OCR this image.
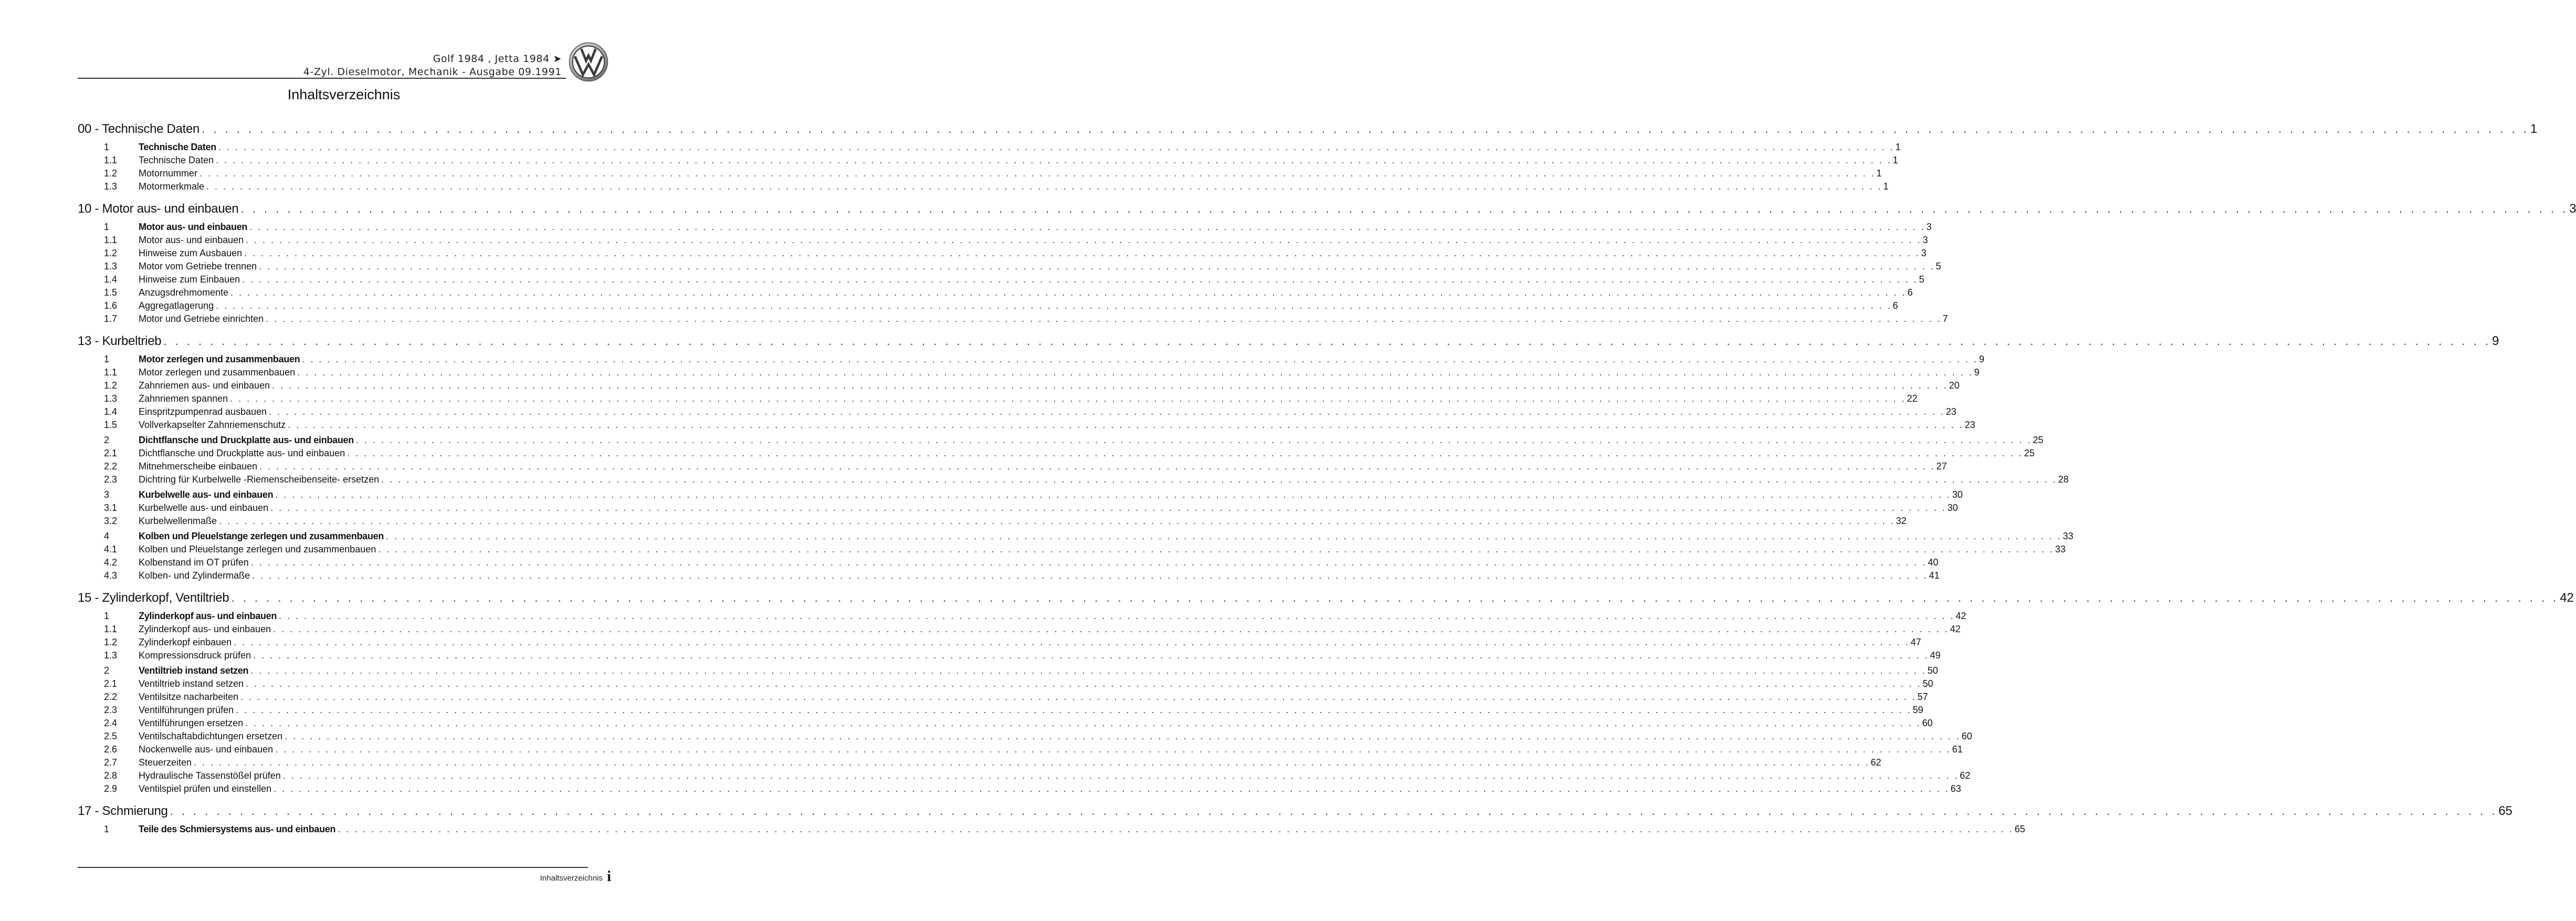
Golf 1984 , Jetta 1984 ➤
4-Zyl. Dieselmotor, Mechanik - Ausgabe 09.1991
Inhaltsverzeichnis
00 - Technische Daten . . . . . . . . . . . . . . . . . . . . . . . . . . . . . . . . . . . . . . . . . . . . . . . . . . . . . . . . . . . . . . . . . . . . . . . . . . . . . . . . . . . . . . . . . . . . . . . . . . . . . . . . . . . . . . . . . . . . . . . . . . . . . . . . . . . . . . . . . . . . . . . . . . . . . . . . . . . . . . . . . . . . . . . . . . . . . . . . . . . . . . . . . . . . . . . . . . . . . . . . 1
1	Technische Daten . . . . . . . . . . . . . . . . . . . . . . . . . . . . . . . . . . . . . . . . . . . . . . . . . . . . . . . . . . . . . . . . . . . . . . . . . . . . . . . . . . . . . . . . . . . . . . . . . . . . . . . . . . . . . . . . . . . . . . . . . . . . . . . . . . . . . . . . . . . . . . . . . . . . . . . . . . . . . . . . . . . . . . . . . . . . . . . . . . . . . . . . . . . . . . . . . . . . . . . . 1
1.1	Technische Daten . . . . . . . . . . . . . . . . . . . . . . . . . . . . . . . . . . . . . . . . . . . . . . . . . . . . . . . . . . . . . . . . . . . . . . . . . . . . . . . . . . . . . . . . . . . . . . . . . . . . . . . . . . . . . . . . . . . . . . . . . . . . . . . . . . . . . . . . . . . . . . . . . . . . . . . . . . . . . . . . . . . . . . . . . . . . . . . . . . . . . . . . . . . . . . . . . . . . . . . . 1
1.2	Motornummer . . . . . . . . . . . . . . . . . . . . . . . . . . . . . . . . . . . . . . . . . . . . . . . . . . . . . . . . . . . . . . . . . . . . . . . . . . . . . . . . . . . . . . . . . . . . . . . . . . . . . . . . . . . . . . . . . . . . . . . . . . . . . . . . . . . . . . . . . . . . . . . . . . . . . . . . . . . . . . . . . . . . . . . . . . . . . . . . . . . . . . . . . . . . . . . . . . . . . . . . 1
1.3	Motormerkmale . . . . . . . . . . . . . . . . . . . . . . . . . . . . . . . . . . . . . . . . . . . . . . . . . . . . . . . . . . . . . . . . . . . . . . . . . . . . . . . . . . . . . . . . . . . . . . . . . . . . . . . . . . . . . . . . . . . . . . . . . . . . . . . . . . . . . . . . . . . . . . . . . . . . . . . . . . . . . . . . . . . . . . . . . . . . . . . . . . . . . . . . . . . . . . . . . . . . . . . . 1
10 - Motor aus- und einbauen . . . . . . . . . . . . . . . . . . . . . . . . . . . . . . . . . . . . . . . . . . . . . . . . . . . . . . . . . . . . . . . . . . . . . . . . . . . . . . . . . . . . . . . . . . . . . . . . . . . . . . . . . . . . . . . . . . . . . . . . . . . . . . . . . . . . . . . . . . . . . . . . . . . . . . . . . . . . . . . . . . . . . . . . . . . . . . . . . . . . . . . . . . . . . . . . . . . . . . . . 3
1	Motor aus- und einbauen . . . . . . . . . . . . . . . . . . . . . . . . . . . . . . . . . . . . . . . . . . . . . . . . . . . . . . . . . . . . . . . . . . . . . . . . . . . . . . . . . . . . . . . . . . . . . . . . . . . . . . . . . . . . . . . . . . . . . . . . . . . . . . . . . . . . . . . . . . . . . . . . . . . . . . . . . . . . . . . . . . . . . . . . . . . . . . . . . . . . . . . . . . . . . . . . . . . . . . . . 3
1.1	Motor aus- und einbauen . . . . . . . . . . . . . . . . . . . . . . . . . . . . . . . . . . . . . . . . . . . . . . . . . . . . . . . . . . . . . . . . . . . . . . . . . . . . . . . . . . . . . . . . . . . . . . . . . . . . . . . . . . . . . . . . . . . . . . . . . . . . . . . . . . . . . . . . . . . . . . . . . . . . . . . . . . . . . . . . . . . . . . . . . . . . . . . . . . . . . . . . . . . . . . . . . . . . . . . . 3
1.2	Hinweise zum Ausbauen . . . . . . . . . . . . . . . . . . . . . . . . . . . . . . . . . . . . . . . . . . . . . . . . . . . . . . . . . . . . . . . . . . . . . . . . . . . . . . . . . . . . . . . . . . . . . . . . . . . . . . . . . . . . . . . . . . . . . . . . . . . . . . . . . . . . . . . . . . . . . . . . . . . . . . . . . . . . . . . . . . . . . . . . . . . . . . . . . . . . . . . . . . . . . . . . . . . . . . . . 3
1.3	Motor vom Getriebe trennen . . . . . . . . . . . . . . . . . . . . . . . . . . . . . . . . . . . . . . . . . . . . . . . . . . . . . . . . . . . . . . . . . . . . . . . . . . . . . . . . . . . . . . . . . . . . . . . . . . . . . . . . . . . . . . . . . . . . . . . . . . . . . . . . . . . . . . . . . . . . . . . . . . . . . . . . . . . . . . . . . . . . . . . . . . . . . . . . . . . . . . . . . . . . . . . . . . . . . . . . 5
1.4	Hinweise zum Einbauen . . . . . . . . . . . . . . . . . . . . . . . . . . . . . . . . . . . . . . . . . . . . . . . . . . . . . . . . . . . . . . . . . . . . . . . . . . . . . . . . . . . . . . . . . . . . . . . . . . . . . . . . . . . . . . . . . . . . . . . . . . . . . . . . . . . . . . . . . . . . . . . . . . . . . . . . . . . . . . . . . . . . . . . . . . . . . . . . . . . . . . . . . . . . . . . . . . . . . . . . 5
1.5	Anzugsdrehmomente . . . . . . . . . . . . . . . . . . . . . . . . . . . . . . . . . . . . . . . . . . . . . . . . . . . . . . . . . . . . . . . . . . . . . . . . . . . . . . . . . . . . . . . . . . . . . . . . . . . . . . . . . . . . . . . . . . . . . . . . . . . . . . . . . . . . . . . . . . . . . . . . . . . . . . . . . . . . . . . . . . . . . . . . . . . . . . . . . . . . . . . . . . . . . . . . . . . . . . . . 6
1.6	Aggregatlagerung . . . . . . . . . . . . . . . . . . . . . . . . . . . . . . . . . . . . . . . . . . . . . . . . . . . . . . . . . . . . . . . . . . . . . . . . . . . . . . . . . . . . . . . . . . . . . . . . . . . . . . . . . . . . . . . . . . . . . . . . . . . . . . . . . . . . . . . . . . . . . . . . . . . . . . . . . . . . . . . . . . . . . . . . . . . . . . . . . . . . . . . . . . . . . . . . . . . . . . . . 6
1.7	Motor und Getriebe einrichten . . . . . . . . . . . . . . . . . . . . . . . . . . . . . . . . . . . . . . . . . . . . . . . . . . . . . . . . . . . . . . . . . . . . . . . . . . . . . . . . . . . . . . . . . . . . . . . . . . . . . . . . . . . . . . . . . . . . . . . . . . . . . . . . . . . . . . . . . . . . . . . . . . . . . . . . . . . . . . . . . . . . . . . . . . . . . . . . . . . . . . . . . . . . . . . . . . . . . . . . 7
13 - Kurbeltrieb . . . . . . . . . . . . . . . . . . . . . . . . . . . . . . . . . . . . . . . . . . . . . . . . . . . . . . . . . . . . . . . . . . . . . . . . . . . . . . . . . . . . . . . . . . . . . . . . . . . . . . . . . . . . . . . . . . . . . . . . . . . . . . . . . . . . . . . . . . . . . . . . . . . . . . . . . . . . . . . . . . . . . . . . . . . . . . . . . . . . . . . . . . . . . . . . . . . . . . . . 9
1	Motor zerlegen und zusammenbauen . . . . . . . . . . . . . . . . . . . . . . . . . . . . . . . . . . . . . . . . . . . . . . . . . . . . . . . . . . . . . . . . . . . . . . . . . . . . . . . . . . . . . . . . . . . . . . . . . . . . . . . . . . . . . . . . . . . . . . . . . . . . . . . . . . . . . . . . . . . . . . . . . . . . . . . . . . . . . . . . . . . . . . . . . . . . . . . . . . . . . . . . . . . . . . . . . . . . . . . . 9
1.1	Motor zerlegen und zusammenbauen . . . . . . . . . . . . . . . . . . . . . . . . . . . . . . . . . . . . . . . . . . . . . . . . . . . . . . . . . . . . . . . . . . . . . . . . . . . . . . . . . . . . . . . . . . . . . . . . . . . . . . . . . . . . . . . . . . . . . . . . . . . . . . . . . . . . . . . . . . . . . . . . . . . . . . . . . . . . . . . . . . . . . . . . . . . . . . . . . . . . . . . . . . . . . . . . . . . . . . . . 9
1.2	Zahnriemen aus- und einbauen . . . . . . . . . . . . . . . . . . . . . . . . . . . . . . . . . . . . . . . . . . . . . . . . . . . . . . . . . . . . . . . . . . . . . . . . . . . . . . . . . . . . . . . . . . . . . . . . . . . . . . . . . . . . . . . . . . . . . . . . . . . . . . . . . . . . . . . . . . . . . . . . . . . . . . . . . . . . . . . . . . . . . . . . . . . . . . . . . . . . . . . . . . . . . . . . . . . . . . . . 20
1.3	Zahnriemen spannen . . . . . . . . . . . . . . . . . . . . . . . . . . . . . . . . . . . . . . . . . . . . . . . . . . . . . . . . . . . . . . . . . . . . . . . . . . . . . . . . . . . . . . . . . . . . . . . . . . . . . . . . . . . . . . . . . . . . . . . . . . . . . . . . . . . . . . . . . . . . . . . . . . . . . . . . . . . . . . . . . . . . . . . . . . . . . . . . . . . . . . . . . . . . . . . . . . . . . . . . 22
1.4	Einspritzpumpenrad ausbauen . . . . . . . . . . . . . . . . . . . . . . . . . . . . . . . . . . . . . . . . . . . . . . . . . . . . . . . . . . . . . . . . . . . . . . . . . . . . . . . . . . . . . . . . . . . . . . . . . . . . . . . . . . . . . . . . . . . . . . . . . . . . . . . . . . . . . . . . . . . . . . . . . . . . . . . . . . . . . . . . . . . . . . . . . . . . . . . . . . . . . . . . . . . . . . . . . . . . . . . . 23
1.5	Vollverkapselter Zahnriemenschutz . . . . . . . . . . . . . . . . . . . . . . . . . . . . . . . . . . . . . . . . . . . . . . . . . . . . . . . . . . . . . . . . . . . . . . . . . . . . . . . . . . . . . . . . . . . . . . . . . . . . . . . . . . . . . . . . . . . . . . . . . . . . . . . . . . . . . . . . . . . . . . . . . . . . . . . . . . . . . . . . . . . . . . . . . . . . . . . . . . . . . . . . . . . . . . . . . . . . . . . . 23
2	Dichtflansche und Druckplatte aus- und einbauen . . . . . . . . . . . . . . . . . . . . . . . . . . . . . . . . . . . . . . . . . . . . . . . . . . . . . . . . . . . . . . . . . . . . . . . . . . . . . . . . . . . . . . . . . . . . . . . . . . . . . . . . . . . . . . . . . . . . . . . . . . . . . . . . . . . . . . . . . . . . . . . . . . . . . . . . . . . . . . . . . . . . . . . . . . . . . . . . . . . . . . . . . . . . . . . . . . . . . . . . 25
2.1	Dichtflansche und Druckplatte aus- und einbauen . . . . . . . . . . . . . . . . . . . . . . . . . . . . . . . . . . . . . . . . . . . . . . . . . . . . . . . . . . . . . . . . . . . . . . . . . . . . . . . . . . . . . . . . . . . . . . . . . . . . . . . . . . . . . . . . . . . . . . . . . . . . . . . . . . . . . . . . . . . . . . . . . . . . . . . . . . . . . . . . . . . . . . . . . . . . . . . . . . . . . . . . . . . . . . . . . . . . . . . . 25
2.2	Mitnehmerscheibe einbauen . . . . . . . . . . . . . . . . . . . . . . . . . . . . . . . . . . . . . . . . . . . . . . . . . . . . . . . . . . . . . . . . . . . . . . . . . . . . . . . . . . . . . . . . . . . . . . . . . . . . . . . . . . . . . . . . . . . . . . . . . . . . . . . . . . . . . . . . . . . . . . . . . . . . . . . . . . . . . . . . . . . . . . . . . . . . . . . . . . . . . . . . . . . . . . . . . . . . . . . . 27
2.3	Dichtring für Kurbelwelle -Riemenscheibenseite- ersetzen . . . . . . . . . . . . . . . . . . . . . . . . . . . . . . . . . . . . . . . . . . . . . . . . . . . . . . . . . . . . . . . . . . . . . . . . . . . . . . . . . . . . . . . . . . . . . . . . . . . . . . . . . . . . . . . . . . . . . . . . . . . . . . . . . . . . . . . . . . . . . . . . . . . . . . . . . . . . . . . . . . . . . . . . . . . . . . . . . . . . . . . . . . . . . . . . . . . . . . . . 28
3	Kurbelwelle aus- und einbauen . . . . . . . . . . . . . . . . . . . . . . . . . . . . . . . . . . . . . . . . . . . . . . . . . . . . . . . . . . . . . . . . . . . . . . . . . . . . . . . . . . . . . . . . . . . . . . . . . . . . . . . . . . . . . . . . . . . . . . . . . . . . . . . . . . . . . . . . . . . . . . . . . . . . . . . . . . . . . . . . . . . . . . . . . . . . . . . . . . . . . . . . . . . . . . . . . . . . . . . . 30
3.1	Kurbelwelle aus- und einbauen . . . . . . . . . . . . . . . . . . . . . . . . . . . . . . . . . . . . . . . . . . . . . . . . . . . . . . . . . . . . . . . . . . . . . . . . . . . . . . . . . . . . . . . . . . . . . . . . . . . . . . . . . . . . . . . . . . . . . . . . . . . . . . . . . . . . . . . . . . . . . . . . . . . . . . . . . . . . . . . . . . . . . . . . . . . . . . . . . . . . . . . . . . . . . . . . . . . . . . . . 30
3.2	Kurbelwellenmaße . . . . . . . . . . . . . . . . . . . . . . . . . . . . . . . . . . . . . . . . . . . . . . . . . . . . . . . . . . . . . . . . . . . . . . . . . . . . . . . . . . . . . . . . . . . . . . . . . . . . . . . . . . . . . . . . . . . . . . . . . . . . . . . . . . . . . . . . . . . . . . . . . . . . . . . . . . . . . . . . . . . . . . . . . . . . . . . . . . . . . . . . . . . . . . . . . . . . . . . . 32
4	Kolben und Pleuelstange zerlegen und zusammenbauen . . . . . . . . . . . . . . . . . . . . . . . . . . . . . . . . . . . . . . . . . . . . . . . . . . . . . . . . . . . . . . . . . . . . . . . . . . . . . . . . . . . . . . . . . . . . . . . . . . . . . . . . . . . . . . . . . . . . . . . . . . . . . . . . . . . . . . . . . . . . . . . . . . . . . . . . . . . . . . . . . . . . . . . . . . . . . . . . . . . . . . . . . . . . . . . . . . . . . . . . 33
4.1	Kolben und Pleuelstange zerlegen und zusammenbauen . . . . . . . . . . . . . . . . . . . . . . . . . . . . . . . . . . . . . . . . . . . . . . . . . . . . . . . . . . . . . . . . . . . . . . . . . . . . . . . . . . . . . . . . . . . . . . . . . . . . . . . . . . . . . . . . . . . . . . . . . . . . . . . . . . . . . . . . . . . . . . . . . . . . . . . . . . . . . . . . . . . . . . . . . . . . . . . . . . . . . . . . . . . . . . . . . . . . . . . . 33
4.2	Kolbenstand im OT prüfen . . . . . . . . . . . . . . . . . . . . . . . . . . . . . . . . . . . . . . . . . . . . . . . . . . . . . . . . . . . . . . . . . . . . . . . . . . . . . . . . . . . . . . . . . . . . . . . . . . . . . . . . . . . . . . . . . . . . . . . . . . . . . . . . . . . . . . . . . . . . . . . . . . . . . . . . . . . . . . . . . . . . . . . . . . . . . . . . . . . . . . . . . . . . . . . . . . . . . . . . 40
4.3	Kolben- und Zylindermaße . . . . . . . . . . . . . . . . . . . . . . . . . . . . . . . . . . . . . . . . . . . . . . . . . . . . . . . . . . . . . . . . . . . . . . . . . . . . . . . . . . . . . . . . . . . . . . . . . . . . . . . . . . . . . . . . . . . . . . . . . . . . . . . . . . . . . . . . . . . . . . . . . . . . . . . . . . . . . . . . . . . . . . . . . . . . . . . . . . . . . . . . . . . . . . . . . . . . . . . . 41
15 - Zylinderkopf, Ventiltrieb . . . . . . . . . . . . . . . . . . . . . . . . . . . . . . . . . . . . . . . . . . . . . . . . . . . . . . . . . . . . . . . . . . . . . . . . . . . . . . . . . . . . . . . . . . . . . . . . . . . . . . . . . . . . . . . . . . . . . . . . . . . . . . . . . . . . . . . . . . . . . . . . . . . . . . . . . . . . . . . . . . . . . . . . . . . . . . . . . . . . . . . . . . . . . . . . . . . . . . . . 42
1	Zylinderkopf aus- und einbauen . . . . . . . . . . . . . . . . . . . . . . . . . . . . . . . . . . . . . . . . . . . . . . . . . . . . . . . . . . . . . . . . . . . . . . . . . . . . . . . . . . . . . . . . . . . . . . . . . . . . . . . . . . . . . . . . . . . . . . . . . . . . . . . . . . . . . . . . . . . . . . . . . . . . . . . . . . . . . . . . . . . . . . . . . . . . . . . . . . . . . . . . . . . . . . . . . . . . . . . . 42
1.1	Zylinderkopf aus- und einbauen . . . . . . . . . . . . . . . . . . . . . . . . . . . . . . . . . . . . . . . . . . . . . . . . . . . . . . . . . . . . . . . . . . . . . . . . . . . . . . . . . . . . . . . . . . . . . . . . . . . . . . . . . . . . . . . . . . . . . . . . . . . . . . . . . . . . . . . . . . . . . . . . . . . . . . . . . . . . . . . . . . . . . . . . . . . . . . . . . . . . . . . . . . . . . . . . . . . . . . . . 42
1.2	Zylinderkopf einbauen . . . . . . . . . . . . . . . . . . . . . . . . . . . . . . . . . . . . . . . . . . . . . . . . . . . . . . . . . . . . . . . . . . . . . . . . . . . . . . . . . . . . . . . . . . . . . . . . . . . . . . . . . . . . . . . . . . . . . . . . . . . . . . . . . . . . . . . . . . . . . . . . . . . . . . . . . . . . . . . . . . . . . . . . . . . . . . . . . . . . . . . . . . . . . . . . . . . . . . . . 47
1.3	Kompressionsdruck prüfen . . . . . . . . . . . . . . . . . . . . . . . . . . . . . . . . . . . . . . . . . . . . . . . . . . . . . . . . . . . . . . . . . . . . . . . . . . . . . . . . . . . . . . . . . . . . . . . . . . . . . . . . . . . . . . . . . . . . . . . . . . . . . . . . . . . . . . . . . . . . . . . . . . . . . . . . . . . . . . . . . . . . . . . . . . . . . . . . . . . . . . . . . . . . . . . . . . . . . . . . 49
2	Ventiltrieb instand setzen . . . . . . . . . . . . . . . . . . . . . . . . . . . . . . . . . . . . . . . . . . . . . . . . . . . . . . . . . . . . . . . . . . . . . . . . . . . . . . . . . . . . . . . . . . . . . . . . . . . . . . . . . . . . . . . . . . . . . . . . . . . . . . . . . . . . . . . . . . . . . . . . . . . . . . . . . . . . . . . . . . . . . . . . . . . . . . . . . . . . . . . . . . . . . . . . . . . . . . . . 50
2.1	Ventiltrieb instand setzen . . . . . . . . . . . . . . . . . . . . . . . . . . . . . . . . . . . . . . . . . . . . . . . . . . . . . . . . . . . . . . . . . . . . . . . . . . . . . . . . . . . . . . . . . . . . . . . . . . . . . . . . . . . . . . . . . . . . . . . . . . . . . . . . . . . . . . . . . . . . . . . . . . . . . . . . . . . . . . . . . . . . . . . . . . . . . . . . . . . . . . . . . . . . . . . . . . . . . . . . 50
2.2	Ventilsitze nacharbeiten . . . . . . . . . . . . . . . . . . . . . . . . . . . . . . . . . . . . . . . . . . . . . . . . . . . . . . . . . . . . . . . . . . . . . . . . . . . . . . . . . . . . . . . . . . . . . . . . . . . . . . . . . . . . . . . . . . . . . . . . . . . . . . . . . . . . . . . . . . . . . . . . . . . . . . . . . . . . . . . . . . . . . . . . . . . . . . . . . . . . . . . . . . . . . . . . . . . . . . . . 57
2.3	Ventilführungen prüfen . . . . . . . . . . . . . . . . . . . . . . . . . . . . . . . . . . . . . . . . . . . . . . . . . . . . . . . . . . . . . . . . . . . . . . . . . . . . . . . . . . . . . . . . . . . . . . . . . . . . . . . . . . . . . . . . . . . . . . . . . . . . . . . . . . . . . . . . . . . . . . . . . . . . . . . . . . . . . . . . . . . . . . . . . . . . . . . . . . . . . . . . . . . . . . . . . . . . . . . . 59
2.4	Ventilführungen ersetzen . . . . . . . . . . . . . . . . . . . . . . . . . . . . . . . . . . . . . . . . . . . . . . . . . . . . . . . . . . . . . . . . . . . . . . . . . . . . . . . . . . . . . . . . . . . . . . . . . . . . . . . . . . . . . . . . . . . . . . . . . . . . . . . . . . . . . . . . . . . . . . . . . . . . . . . . . . . . . . . . . . . . . . . . . . . . . . . . . . . . . . . . . . . . . . . . . . . . . . . . 60
2.5	Ventilschaftabdichtungen ersetzen . . . . . . . . . . . . . . . . . . . . . . . . . . . . . . . . . . . . . . . . . . . . . . . . . . . . . . . . . . . . . . . . . . . . . . . . . . . . . . . . . . . . . . . . . . . . . . . . . . . . . . . . . . . . . . . . . . . . . . . . . . . . . . . . . . . . . . . . . . . . . . . . . . . . . . . . . . . . . . . . . . . . . . . . . . . . . . . . . . . . . . . . . . . . . . . . . . . . . . . . 60
2.6	Nockenwelle aus- und einbauen . . . . . . . . . . . . . . . . . . . . . . . . . . . . . . . . . . . . . . . . . . . . . . . . . . . . . . . . . . . . . . . . . . . . . . . . . . . . . . . . . . . . . . . . . . . . . . . . . . . . . . . . . . . . . . . . . . . . . . . . . . . . . . . . . . . . . . . . . . . . . . . . . . . . . . . . . . . . . . . . . . . . . . . . . . . . . . . . . . . . . . . . . . . . . . . . . . . . . . . . 61
2.7	Steuerzeiten . . . . . . . . . . . . . . . . . . . . . . . . . . . . . . . . . . . . . . . . . . . . . . . . . . . . . . . . . . . . . . . . . . . . . . . . . . . . . . . . . . . . . . . . . . . . . . . . . . . . . . . . . . . . . . . . . . . . . . . . . . . . . . . . . . . . . . . . . . . . . . . . . . . . . . . . . . . . . . . . . . . . . . . . . . . . . . . . . . . . . . . . . . . . . . . . . . . . . . . . 62
2.8	Hydraulische Tassenstößel prüfen . . . . . . . . . . . . . . . . . . . . . . . . . . . . . . . . . . . . . . . . . . . . . . . . . . . . . . . . . . . . . . . . . . . . . . . . . . . . . . . . . . . . . . . . . . . . . . . . . . . . . . . . . . . . . . . . . . . . . . . . . . . . . . . . . . . . . . . . . . . . . . . . . . . . . . . . . . . . . . . . . . . . . . . . . . . . . . . . . . . . . . . . . . . . . . . . . . . . . . . . 62
2.9	Ventilspiel prüfen und einstellen . . . . . . . . . . . . . . . . . . . . . . . . . . . . . . . . . . . . . . . . . . . . . . . . . . . . . . . . . . . . . . . . . . . . . . . . . . . . . . . . . . . . . . . . . . . . . . . . . . . . . . . . . . . . . . . . . . . . . . . . . . . . . . . . . . . . . . . . . . . . . . . . . . . . . . . . . . . . . . . . . . . . . . . . . . . . . . . . . . . . . . . . . . . . . . . . . . . . . . . . 63
17 - Schmierung . . . . . . . . . . . . . . . . . . . . . . . . . . . . . . . . . . . . . . . . . . . . . . . . . . . . . . . . . . . . . . . . . . . . . . . . . . . . . . . . . . . . . . . . . . . . . . . . . . . . . . . . . . . . . . . . . . . . . . . . . . . . . . . . . . . . . . . . . . . . . . . . . . . . . . . . . . . . . . . . . . . . . . . . . . . . . . . . . . . . . . . . . . . . . . . . . . . . . . . . 65
1	Teile des Schmiersystems aus- und einbauen . . . . . . . . . . . . . . . . . . . . . . . . . . . . . . . . . . . . . . . . . . . . . . . . . . . . . . . . . . . . . . . . . . . . . . . . . . . . . . . . . . . . . . . . . . . . . . . . . . . . . . . . . . . . . . . . . . . . . . . . . . . . . . . . . . . . . . . . . . . . . . . . . . . . . . . . . . . . . . . . . . . . . . . . . . . . . . . . . . . . . . . . . . . . . . . . . . . . . . . . 65
Inhaltsverzeichnis i
